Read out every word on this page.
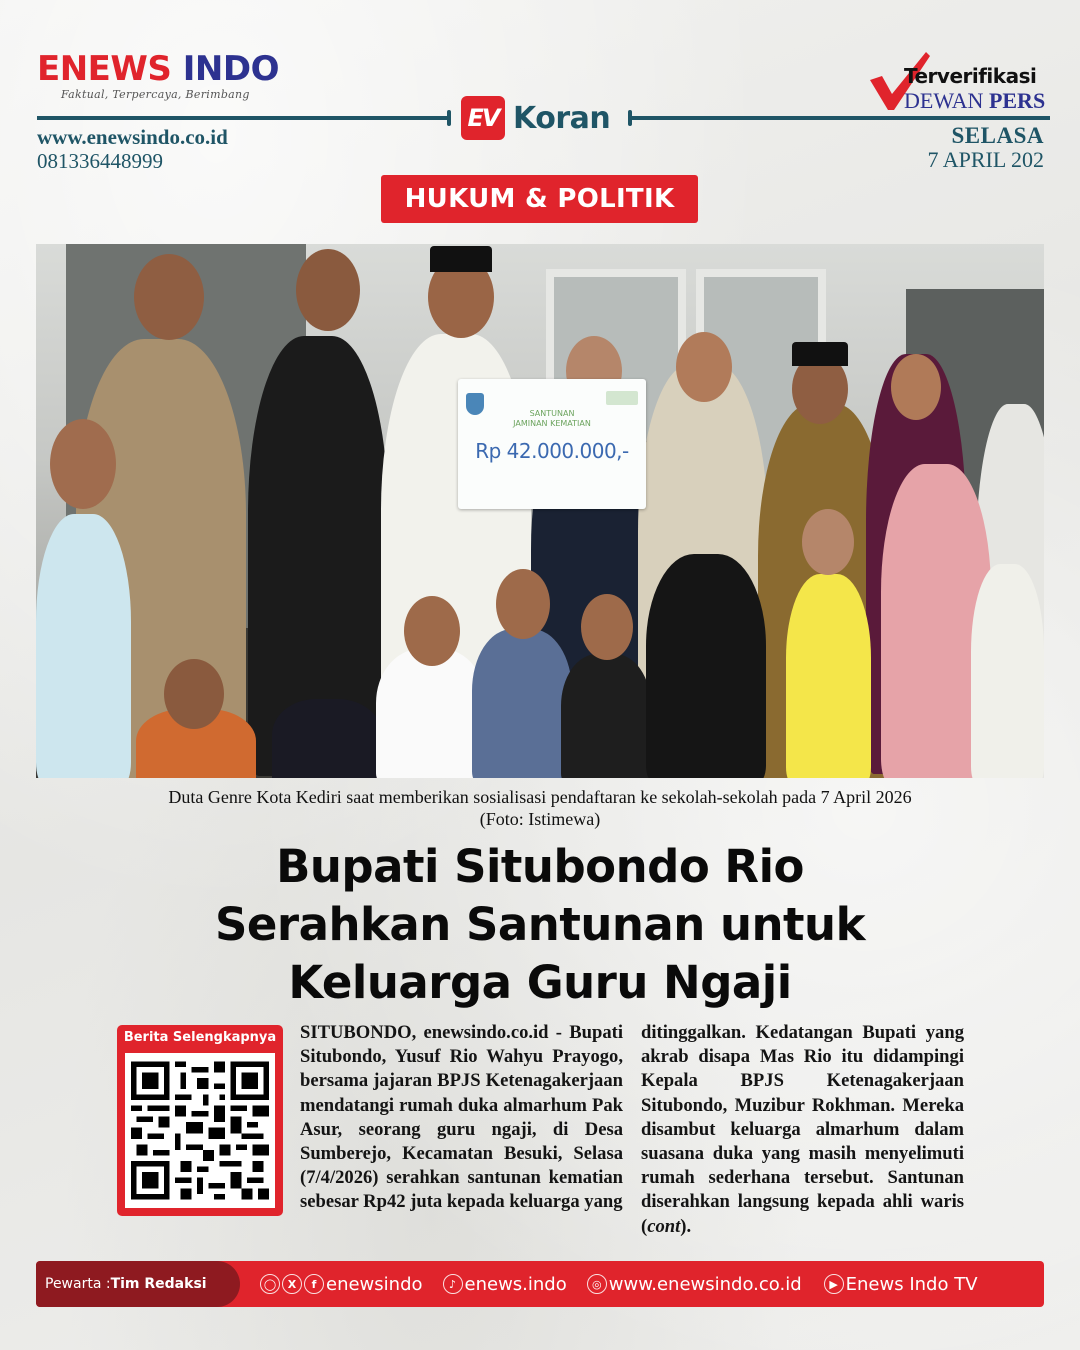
ENEWS INDO
Faktual, Terpercaya, Berimbang
EV Koran
www.enewsindo.co.id
081336448999
Terverifikasi
DEWAN PERS
SELASA
7 APRIL 202
HUKUM & POLITIK
SANTUNAN
JAMINAN KEMATIAN
Rp 42.000.000,-
Duta Genre Kota Kediri saat memberikan sosialisasi pendaftaran ke sekolah-sekolah pada 7 April 2026
(Foto: Istimewa)
Bupati Situbondo Rio
Serahkan Santunan untuk
Keluarga Guru Ngaji
Berita Selengkapnya	SITUBONDO, enewsindo.co.id - Bupati Situbondo, Yusuf Rio Wahyu Prayogo, bersama jajaran BPJS Ketenagakerjaan mendatangi rumah duka almarhum Pak Asur, seorang guru ngaji, di Desa Sumberejo, Kecamatan Besuki, Selasa (7/4/2026) serahkan santunan kematian sebesar Rp42 juta kepada keluarga yang
ditinggalkan. Kedatangan Bupati yang akrab disapa Mas Rio itu didampingi Kepala BPJS Ketenagakerjaan Situbondo, Muzibur Rokhman. Mereka disambut keluarga almarhum dalam suasana duka yang masih menyelimuti rumah sederhana tersebut. Santunan diserahkan langsung kepada ahli waris (cont).
Pewarta : Tim Redaksi	◯	X	f enewsindo	♪ enews.indo	◎ www.enewsindo.co.id	▶ Enews Indo TV
